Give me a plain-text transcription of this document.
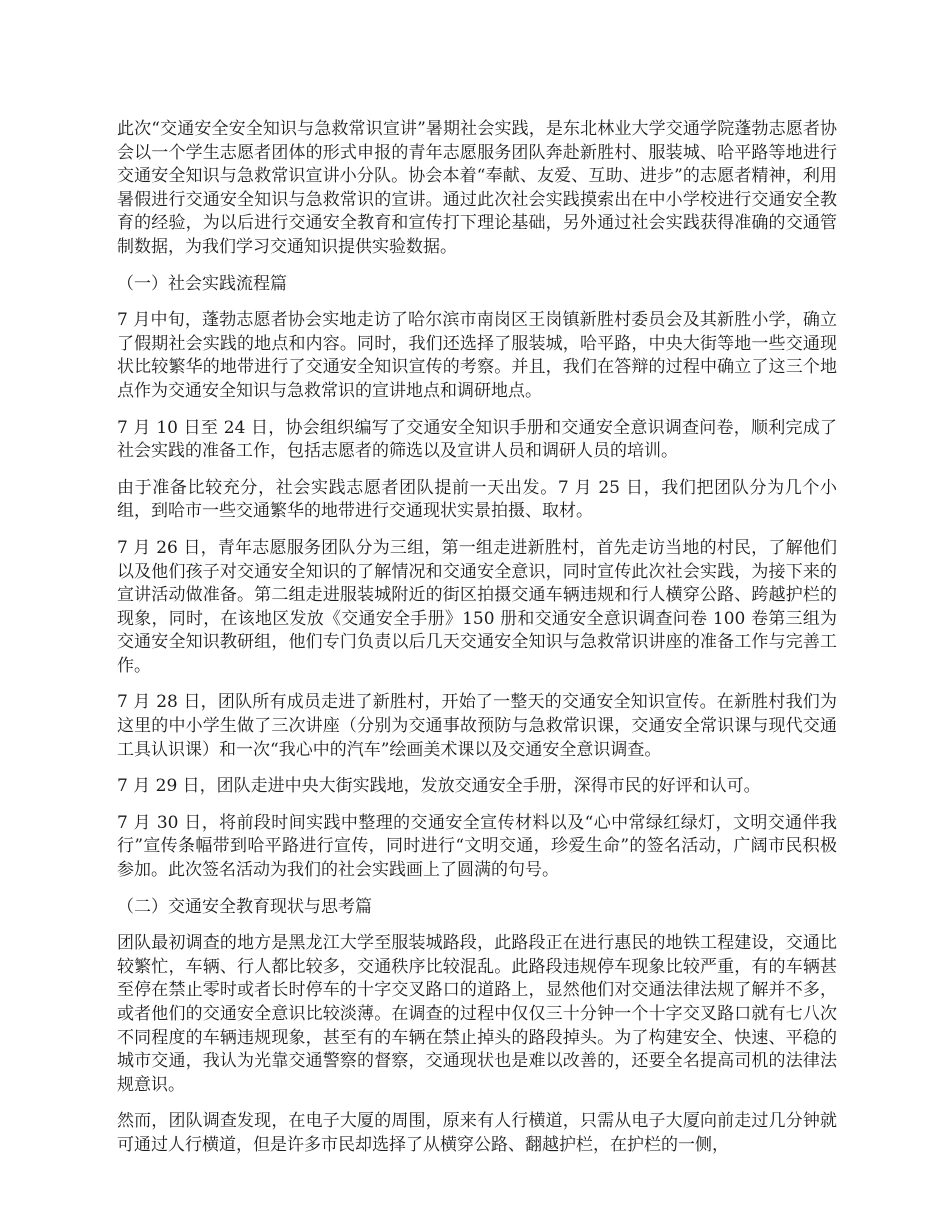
此次“交通安全安全知识与急救常识宣讲”暑期社会实践，是东北林业大学交通学院蓬勃志愿者协会以一个学生志愿者团体的形式申报的青年志愿服务团队奔赴新胜村、服装城、哈平路等地进行交通安全知识与急救常识宣讲小分队。协会本着“奉献、友爱、互助、进步”的志愿者精神，利用暑假进行交通安全知识与急救常识的宣讲。通过此次社会实践摸索出在中小学校进行交通安全教育的经验，为以后进行交通安全教育和宣传打下理论基础，另外通过社会实践获得准确的交通管制数据，为我们学习交通知识提供实验数据。

（一）社会实践流程篇

7 月中旬，蓬勃志愿者协会实地走访了哈尔滨市南岗区王岗镇新胜村委员会及其新胜小学，确立了假期社会实践的地点和内容。同时，我们还选择了服装城，哈平路，中央大街等地一些交通现状比较繁华的地带进行了交通安全知识宣传的考察。并且，我们在答辩的过程中确立了这三个地点作为交通安全知识与急救常识的宣讲地点和调研地点。

7 月 10 日至 24 日，协会组织编写了交通安全知识手册和交通安全意识调查问卷，顺利完成了社会实践的准备工作，包括志愿者的筛选以及宣讲人员和调研人员的培训。

由于准备比较充分，社会实践志愿者团队提前一天出发。7 月 25 日，我们把团队分为几个小组，到哈市一些交通繁华的地带进行交通现状实景拍摄、取材。

7 月 26 日，青年志愿服务团队分为三组，第一组走进新胜村，首先走访当地的村民，了解他们以及他们孩子对交通安全知识的了解情况和交通安全意识，同时宣传此次社会实践，为接下来的宣讲活动做准备。第二组走进服装城附近的街区拍摄交通车辆违规和行人横穿公路、跨越护栏的现象，同时，在该地区发放《交通安全手册》150 册和交通安全意识调查问卷 100 卷第三组为交通安全知识教研组，他们专门负责以后几天交通安全知识与急救常识讲座的准备工作与完善工作。

7 月 28 日，团队所有成员走进了新胜村，开始了一整天的交通安全知识宣传。在新胜村我们为这里的中小学生做了三次讲座（分别为交通事故预防与急救常识课，交通安全常识课与现代交通工具认识课）和一次“我心中的汽车”绘画美术课以及交通安全意识调查。

7 月 29 日，团队走进中央大街实践地，发放交通安全手册，深得市民的好评和认可。

7 月 30 日，将前段时间实践中整理的交通安全宣传材料以及“心中常绿红绿灯，文明交通伴我行”宣传条幅带到哈平路进行宣传，同时进行“文明交通，珍爱生命”的签名活动，广阔市民积极参加。此次签名活动为我们的社会实践画上了圆满的句号。

（二）交通安全教育现状与思考篇

团队最初调查的地方是黑龙江大学至服装城路段，此路段正在进行惠民的地铁工程建设，交通比较繁忙，车辆、行人都比较多，交通秩序比较混乱。此路段违规停车现象比较严重，有的车辆甚至停在禁止零时或者长时停车的十字交叉路口的道路上，显然他们对交通法律法规了解并不多，或者他们的交通安全意识比较淡薄。在调查的过程中仅仅三十分钟一个十字交叉路口就有七八次不同程度的车辆违规现象，甚至有的车辆在禁止掉头的路段掉头。为了构建安全、快速、平稳的城市交通，我认为光靠交通警察的督察，交通现状也是难以改善的，还要全名提高司机的法律法规意识。

然而，团队调查发现，在电子大厦的周围，原来有人行横道，只需从电子大厦向前走过几分钟就可通过人行横道，但是许多市民却选择了从横穿公路、翻越护栏，在护栏的一侧，
